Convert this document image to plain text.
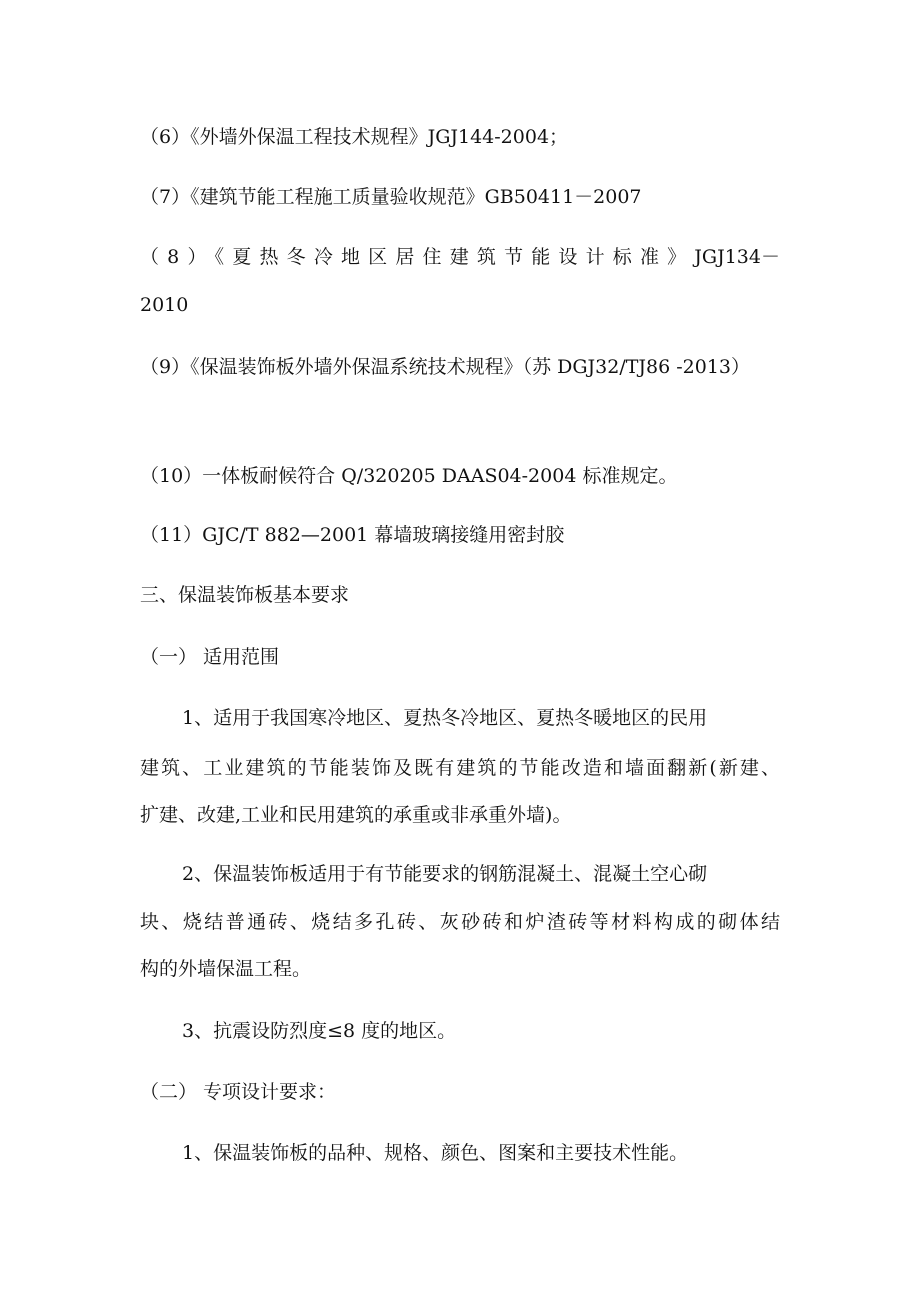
（6）《外墙外保温工程技术规程》JGJ144-2004；
（7）《建筑节能工程施工质量验收规范》GB50411－2007
（8）《夏热冬冷地区居住建筑节能设计标准》JGJ134－
2010
（9）《保温装饰板外墙外保温系统技术规程》（苏 DGJ32/TJ86 -2013）
（10）一体板耐候符合 Q/320205 DAAS04-2004 标准规定。
（11）GJC/T 882—2001 幕墙玻璃接缝用密封胶
三、保温装饰板基本要求
（一） 适用范围
1、适用于我国寒冷地区、夏热冬冷地区、夏热冬暖地区的民用
建筑、工业建筑的节能装饰及既有建筑的节能改造和墙面翻新(新建、
扩建、改建,工业和民用建筑的承重或非承重外墙)。
2、保温装饰板适用于有节能要求的钢筋混凝土、混凝土空心砌
块、烧结普通砖、烧结多孔砖、灰砂砖和炉渣砖等材料构成的砌体结
构的外墙保温工程。
3、抗震设防烈度≤8 度的地区。
（二） 专项设计要求：
1、保温装饰板的品种、规格、颜色、图案和主要技术性能。
